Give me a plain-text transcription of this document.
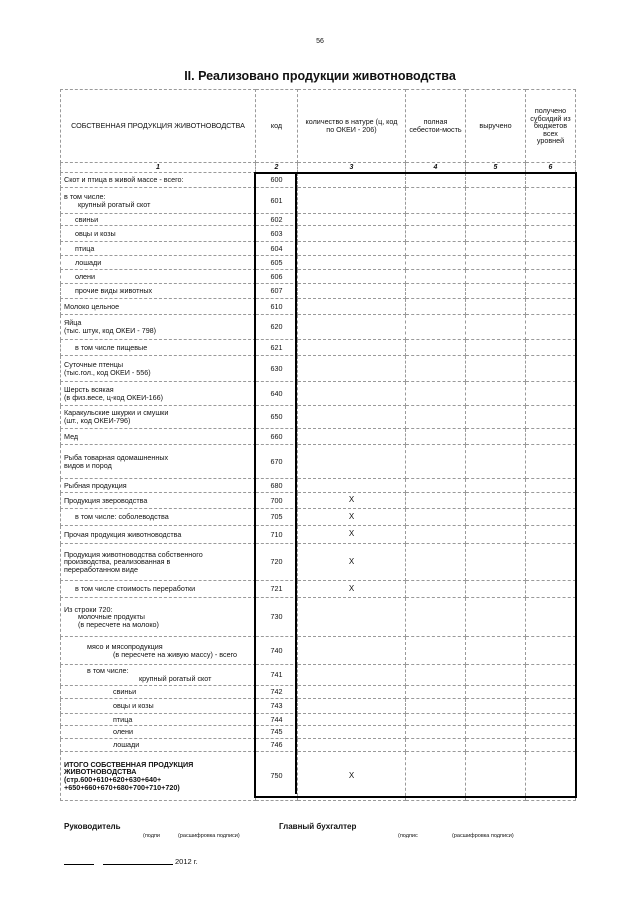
56
II. Реализовано продукции животноводства
СОБСТВЕННАЯ ПРОДУКЦИЯ ЖИВОТНОВОДСТВА	код	количество в натуре (ц, код по ОКЕИ - 206)	полная себестои-мость	выручено	получено субсидий из бюджетов всех уровней
1	2	3	4	5	6

Скот и птица в живой массе - всего:	600				

в том числе:
крупный рогатый скот	601				

свиньи	602				

овцы и козы	603				

птица	604				

лошади	605				

олени	606				

прочие виды животных	607				

Молоко цельное	610				

Яйца
(тыс. штук, код ОКЕИ - 798)	620				

в том числе пищевые	621				

Суточные птенцы
(тыс.гол., код ОКЕИ - 556)	630				

Шерсть всякая
(в физ.весе, ц-код ОКЕИ-166)	640				

Каракульские шкурки и смушки
(шт., код ОКЕИ-796)	650				

Мед	660				

Рыба товарная одомашненных
видов и пород	670				

Рыбная продукция	680				

Продукция звероводства	700	X			

в том числе: соболеводства	705	X			

Прочая продукция животноводства	710	X			

Продукция животноводства собственного
производства, реализованная в
переработанном виде	720	X			

в том числе стоимость переработки	721	X			

Из строки 720:
молочные продукты
(в пересчете на молоко)	730				

мясо и мясопродукция
(в пересчете на живую массу) - всего	740				

в том числе:
крупный рогатый скот	741				

свиньи	742				

овцы и козы	743				

птица	744				

олени	745				

лошади	746				

ИТОГО СОБСТВЕННАЯ ПРОДУКЦИЯ
ЖИВОТНОВОДСТВА
(стр.600+610+620+630+640+
+650+660+670+680+700+710+720)	750	X			
Руководитель
(подпи	(расшифровка подписи)
Главный бухгалтер
(подпис	(расшифровка подписи)
2012 г.
